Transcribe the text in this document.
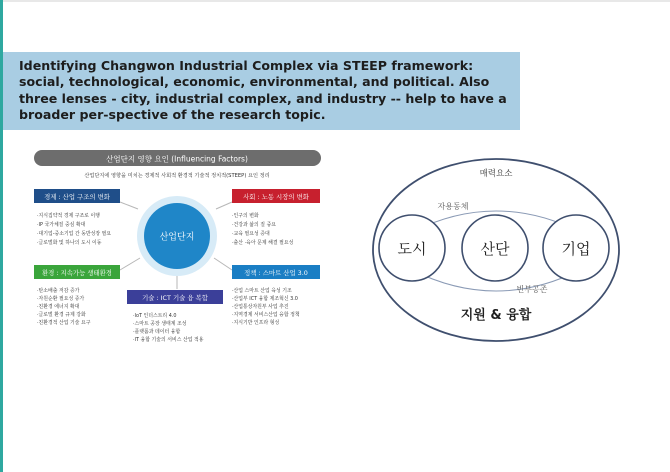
Identifying Changwon Industrial Complex via STEEP framework: social, technological, economic, environmental, and political. Also three lenses - city, industrial complex, and industry -- help to have a broader per-spective of the research topic.
산업단지 영향 요인 (Influencing Factors)
산업단지에 영향을 미치는 경제적 사회적 환경적 기술적 정치적(STEEP) 요인 정리
산업단지
경제 : 산업 구조의 변화
·지식집약적 경제 구조로 이행
·IP 국가체질 중심 확대
·대기업-중소기업 간 동반성장 필요
·글로벌화 및 하나의 도시 이동
사회 : 노동 시장의 변화
·인구의 변화
·건강과 삶의 질 중요
·교육 필요성 증대
·출산 ·육아 문제 해결 필요성
환경 : 지속가능 생태환경
·탄소배출 저감 증가
·자원순환 필요성 증가
·친환경 에너지 확대
·글로벌 환경 규제 강화
·친환경적 산업 기술 요구
정책 : 스마트 산업 3.0
·산업 스마트 산업 육성 기조
·산업부 ICT 융합 제조혁신 3.0
·산업통상자원부 사업 추진
·지역경제 서비스산업 융합 정책
·지식기반 인프라 형성
기술 : ICT 기술 융 복합
·IoT 인더스트리 4.0
·스마트 공장 생태계 조성
·플랫폼과 데이터 융합
·IT 융합 기술의 서비스 산업 적용
매력요소
자용동체
빈부공존
도시	산단	기업
지원 & 융합
